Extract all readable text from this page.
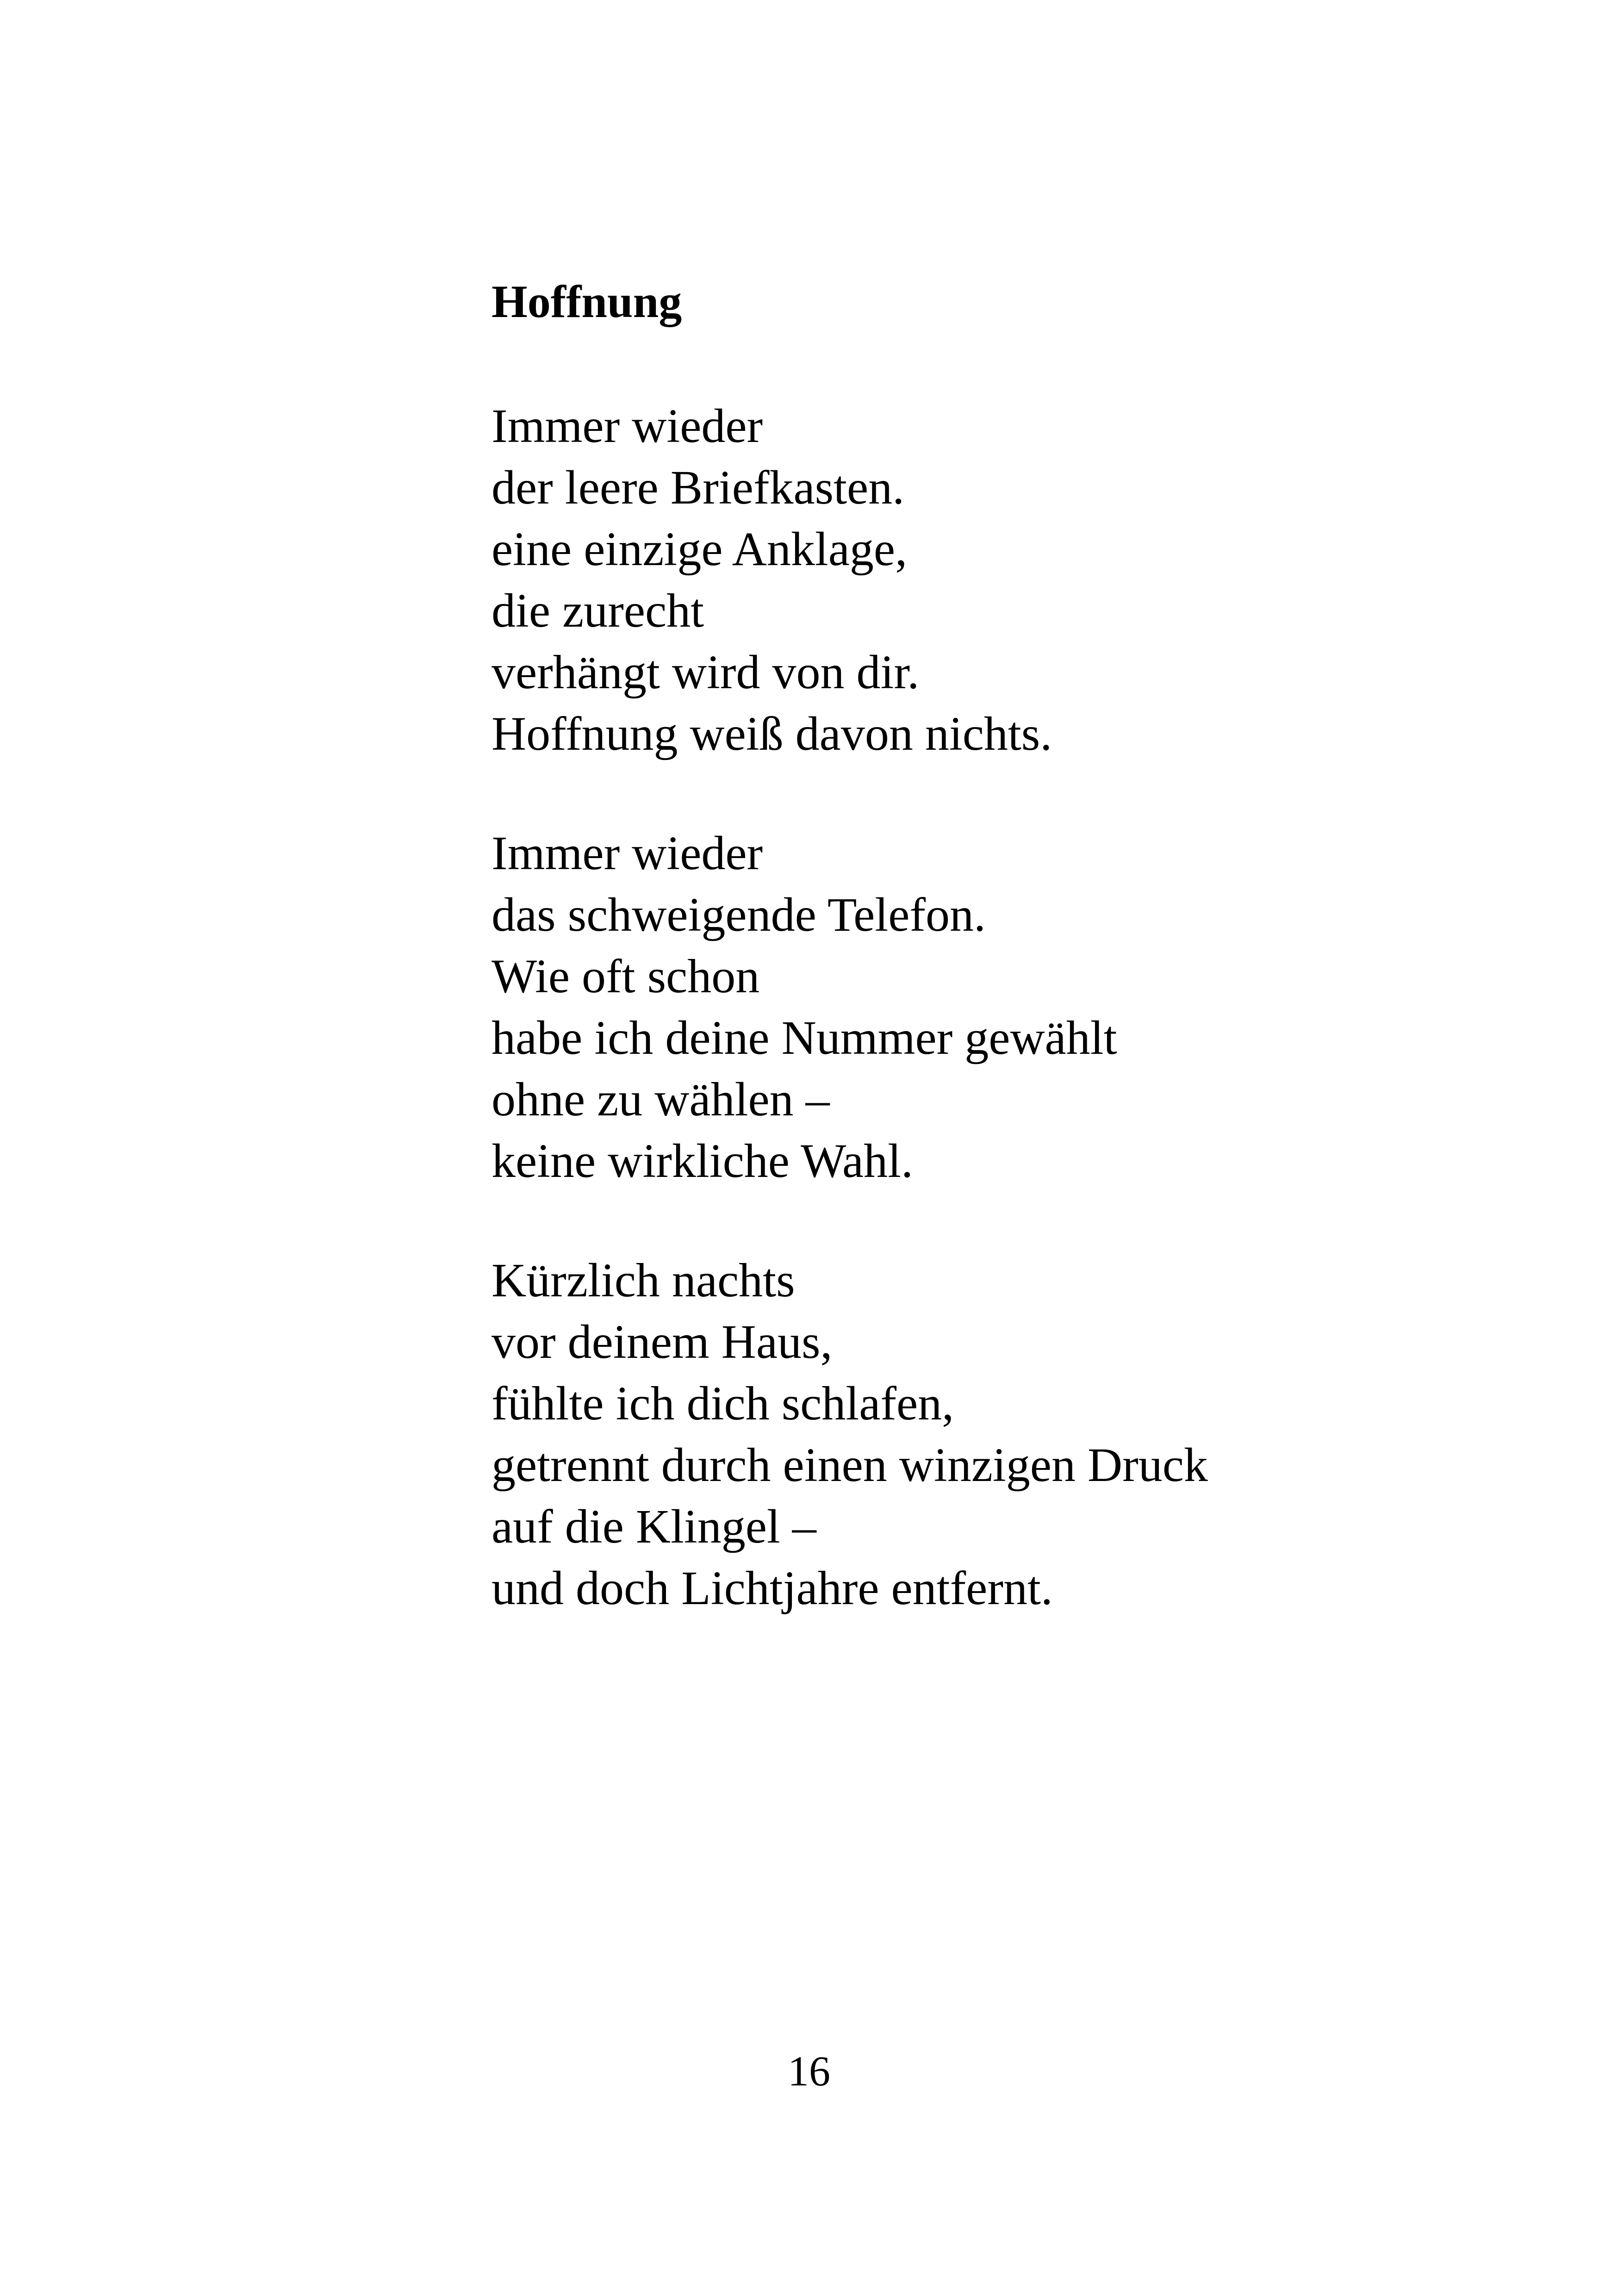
Hoffnung
Immer wieder
der leere Briefkasten.
eine einzige Anklage,
die zurecht
verhängt wird von dir.
Hoffnung weiß davon nichts.
Immer wieder
das schweigende Telefon.
Wie oft schon
habe ich deine Nummer gewählt
ohne zu wählen –
keine wirkliche Wahl.
Kürzlich nachts
vor deinem Haus,
fühlte ich dich schlafen,
getrennt durch einen winzigen Druck
auf die Klingel –
und doch Lichtjahre entfernt.
16
